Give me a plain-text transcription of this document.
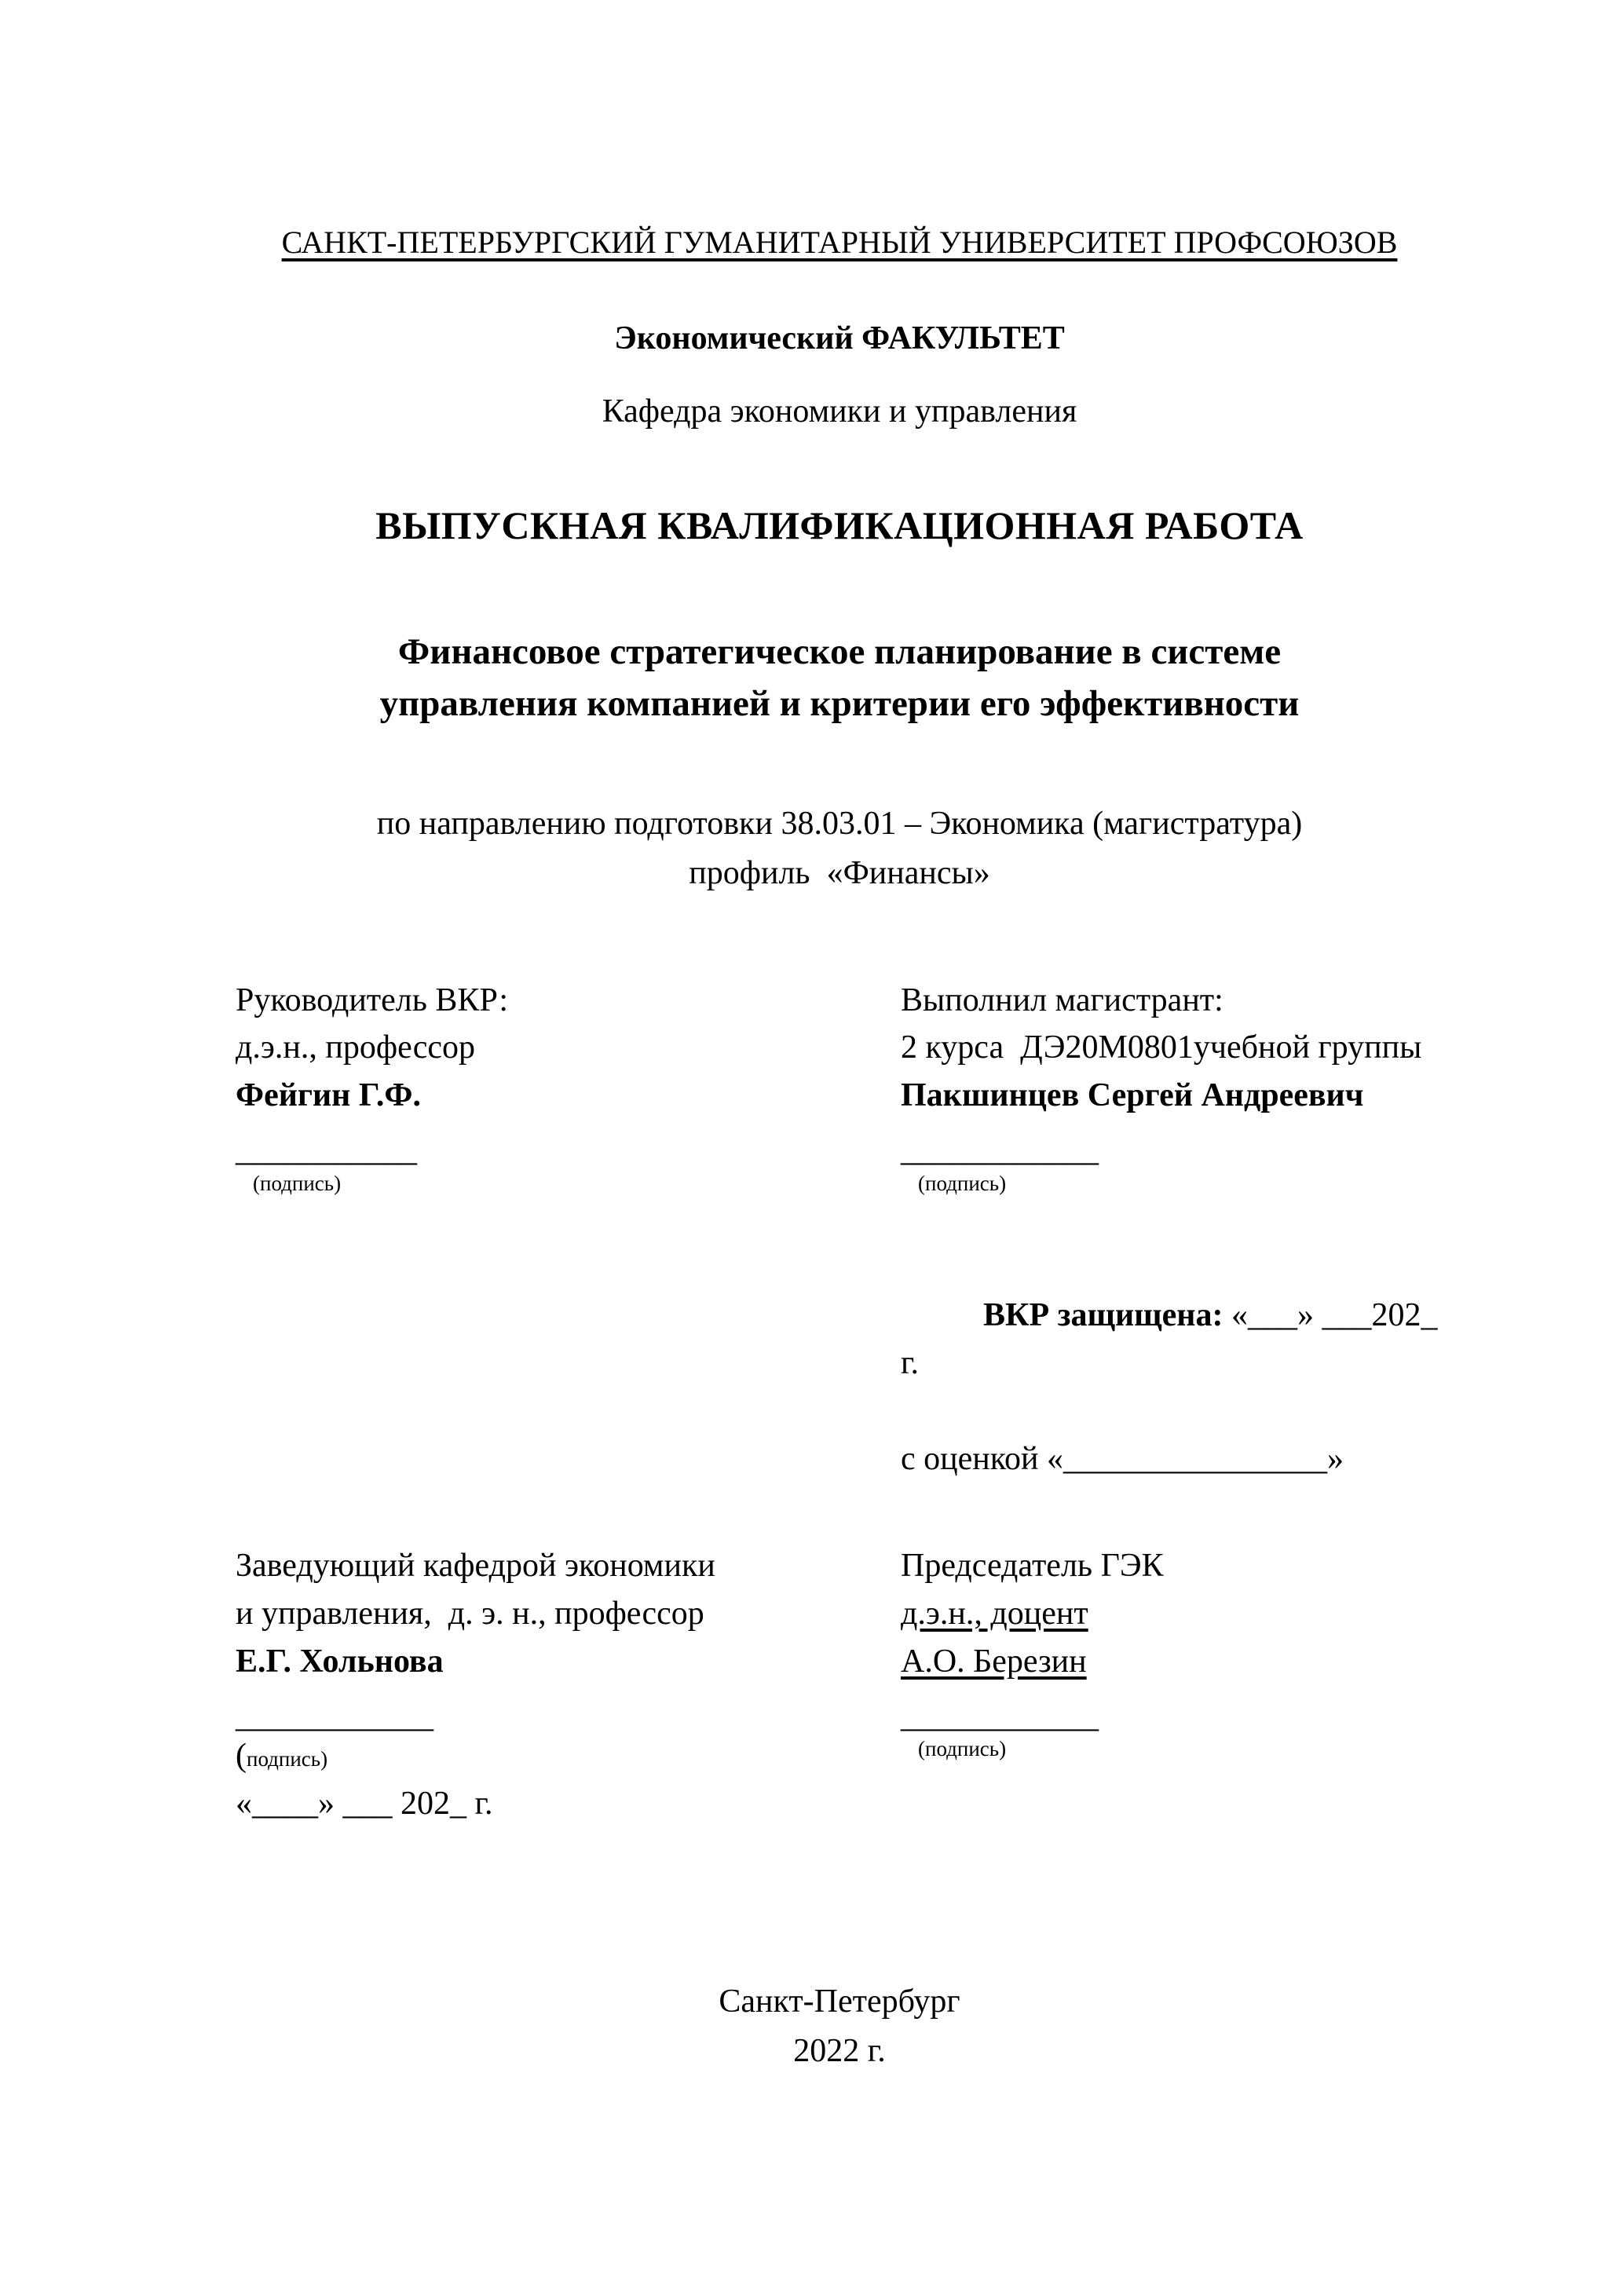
САНКТ-ПЕТЕРБУРГСКИЙ ГУМАНИТАРНЫЙ УНИВЕРСИТЕТ ПРОФСОЮЗОВ
Экономический ФАКУЛЬТЕТ
Кафедра экономики и управления
ВЫПУСКНАЯ КВАЛИФИКАЦИОННАЯ РАБОТА
Финансовое стратегическое планирование в системе
управления компанией и критерии его эффективности
по направлению подготовки 38.03.01 – Экономика (магистратура)
профиль  «Финансы»
Руководитель ВКР:
д.э.н., профессор
Фейгин Г.Ф.
___________
(подпись)
Выполнил магистрант:
2 курса  ДЭ20М0801учебной группы
Пакшинцев Сергей Андреевич
____________
(подпись)

ВКР защищена: «___» ___202_ г.

с оценкой «________________»
Заведующий кафедрой экономики
и управления,  д. э. н., профессор
Е.Г. Хольнова
____________
(подпись)
«____» ___ 202_ г.
Председатель ГЭК
д.э.н., доцент
А.О. Березин
____________
(подпись)
Санкт-Петербург
2022 г.
